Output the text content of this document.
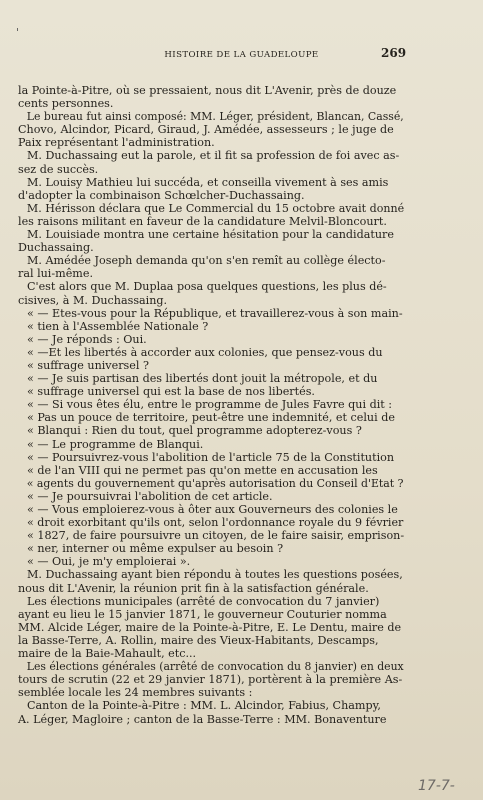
'
HISTOIRE DE LA GUADELOUPE	269

la Pointe-à-Pitre, où se pressaient, nous dit L'Avenir, près de douze

cents personnes.

Le bureau fut ainsi composé: MM. Léger, président, Blancan, Cassé,

Chovo, Alcindor, Picard, Giraud, J. Amédée, assesseurs ; le juge de

Paix représentant l'administration.

M. Duchassaing eut la parole, et il fit sa profession de foi avec as-

sez de succès.

M. Louisy Mathieu lui succéda, et conseilla vivement à ses amis

d'adopter la combinaison Schœlcher-Duchassaing.

M. Hérisson déclara que Le Commercial du 15 octobre avait donné

les raisons militant en faveur de la candidature Melvil-Bloncourt.

M. Louisiade montra une certaine hésitation pour la candidature

Duchassaing.

M. Amédée Joseph demanda qu'on s'en remît au collège électo-

ral lui-même.

C'est alors que M. Duplaa posa quelques questions, les plus dé-

cisives, à M. Duchassaing.

« — Etes-vous pour la République, et travaillerez-vous à son main-

« tien à l'Assemblée Nationale ?

« — Je réponds : Oui.

« —Et les libertés à accorder aux colonies, que pensez-vous du

« suffrage universel ?

« — Je suis partisan des libertés dont jouit la métropole, et du

« suffrage universel qui est la base de nos libertés.

« — Si vous êtes élu, entre le programme de Jules Favre qui dit :

« Pas un pouce de territoire, peut-être une indemnité, et celui de

« Blanqui : Rien du tout, quel programme adopterez-vous ?

« — Le programme de Blanqui.

« — Poursuivrez-vous l'abolition de l'article 75 de la Constitution

« de l'an VIII qui ne permet pas qu'on mette en accusation les

« agents du gouvernement qu'après autorisation du Conseil d'Etat ?

« — Je poursuivrai l'abolition de cet article.

« — Vous emploierez-vous à ôter aux Gouverneurs des colonies le

« droit exorbitant qu'ils ont, selon l'ordonnance royale du 9 février

« 1827, de faire poursuivre un citoyen, de le faire saisir, emprison-

« ner, interner ou même expulser au besoin ?

« — Oui, je m'y emploierai ».

M. Duchassaing ayant bien répondu à toutes les questions posées,

nous dit L'Avenir, la réunion prit fin à la satisfaction générale.

Les élections municipales (arrêté de convocation du 7 janvier)

ayant eu lieu le 15 janvier 1871, le gouverneur Couturier nomma

MM. Alcide Léger, maire de la Pointe-à-Pitre, E. Le Dentu, maire de

la Basse-Terre, A. Rollin, maire des Vieux-Habitants, Descamps,

maire de la Baie-Mahault, etc...

Les élections générales (arrêté de convocation du 8 janvier) en deux

tours de scrutin (22 et 29 janvier 1871), portèrent à la première As-

semblée locale les 24 membres suivants :

Canton de la Pointe-à-Pitre : MM. L. Alcindor, Fabius, Champy,

A. Léger, Magloire ; canton de la Basse-Terre : MM. Bonaventure

17-7-
